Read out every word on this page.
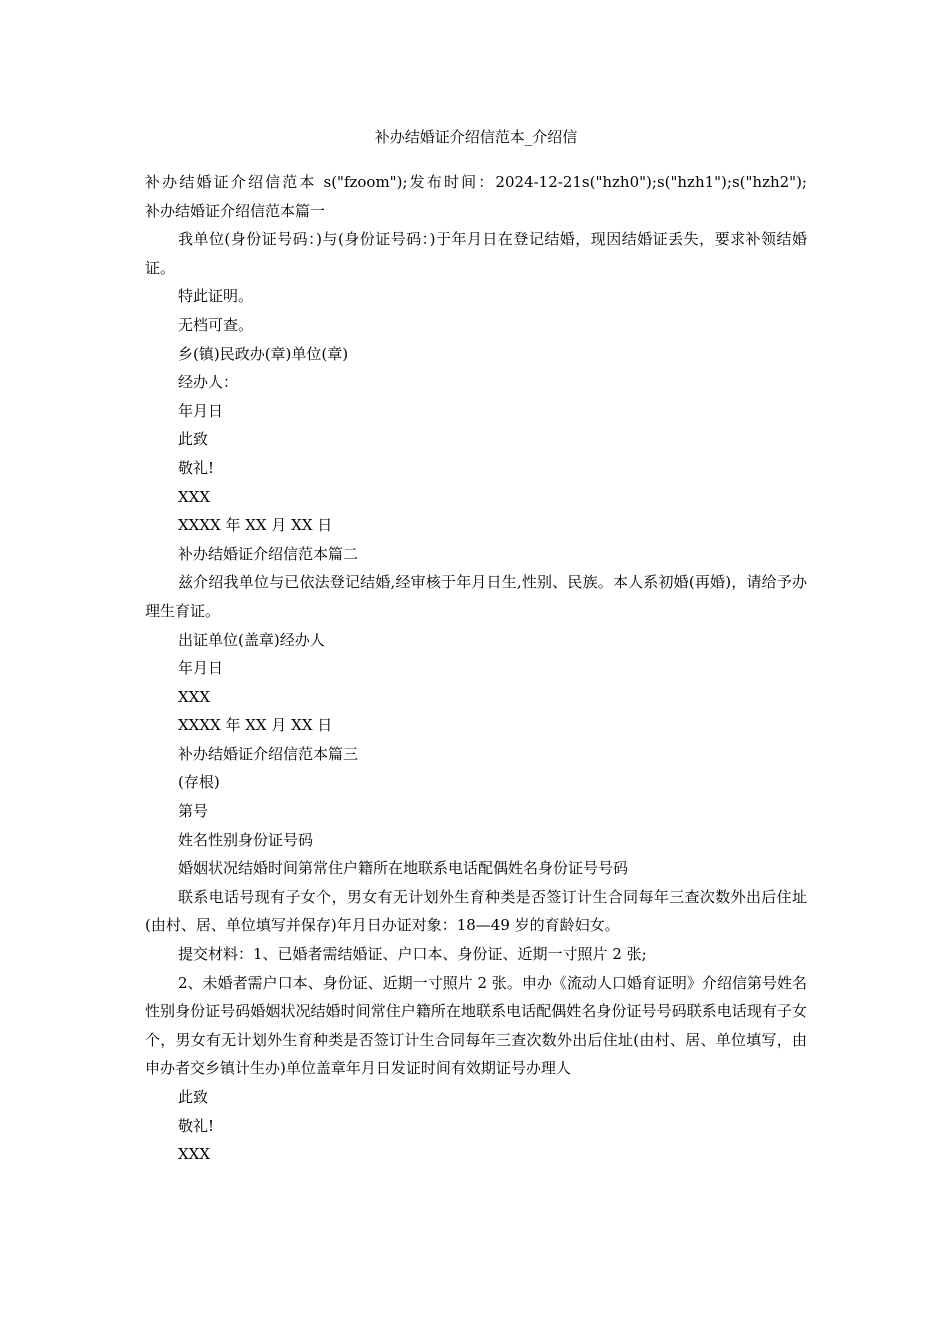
补办结婚证介绍信范本_介绍信

补办结婚证介绍信范本 s("fzoom");发布时间：2024-12-21s("hzh0");s("hzh1");s("hzh2");　　补办结婚证介绍信范本篇一

我单位(身份证号码：)与(身份证号码：)于年月日在登记结婚，现因结婚证丢失，要求补领结婚证。

特此证明。

无档可查。

乡(镇)民政办(章)单位(章)

经办人：

年月日

此致

敬礼!

XXX

XXXX 年 XX 月 XX 日

补办结婚证介绍信范本篇二

兹介绍我单位与已依法登记结婚,经审核于年月日生,性别、民族。本人系初婚(再婚)，请给予办理生育证。

出证单位(盖章)经办人

年月日

XXX

XXXX 年 XX 月 XX 日

补办结婚证介绍信范本篇三

(存根)

第号

姓名性别身份证号码

婚姻状况结婚时间第常住户籍所在地联系电话配偶姓名身份证号号码

联系电话号现有子女个，男女有无计划外生育种类是否签订计生合同每年三查次数外出后住址(由村、居、单位填写并保存)年月日办证对象：18—49 岁的育龄妇女。

提交材料：1、已婚者需结婚证、户口本、身份证、近期一寸照片 2 张;

2、未婚者需户口本、身份证、近期一寸照片 2 张。申办《流动人口婚育证明》介绍信第号姓名性别身份证号码婚姻状况结婚时间常住户籍所在地联系电话配偶姓名身份证号号码联系电话现有子女个，男女有无计划外生育种类是否签订计生合同每年三查次数外出后住址(由村、居、单位填写，由申办者交乡镇计生办)单位盖章年月日发证时间有效期证号办理人

此致

敬礼!

XXX
